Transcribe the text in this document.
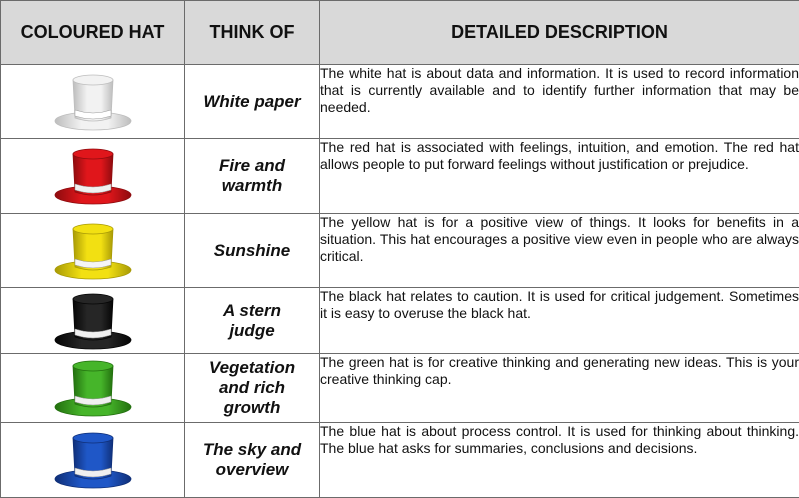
COLOURED HAT	THINK OF	DETAILED DESCRIPTION

White paper	The white hat is about data and information. It is used to record information that is currently available and to identify further information that may be needed.

Fire and
warmth	The red hat is associated with feelings, intuition, and emotion. The red hat allows people to put forward feelings without justification or prejudice.

Sunshine	The yellow hat is for a positive view of things. It looks for benefits in a situation. This hat encourages a positive view even in people who are always critical.

A stern
judge	The black hat relates to caution. It is used for critical judgement. Sometimes it is easy to overuse the black hat.

Vegetation
and rich
growth	The green hat is for creative thinking and generating new ideas. This is your creative thinking cap.

The sky and
overview	The blue hat is about process control. It is used for thinking about thinking. The blue hat asks for summaries, conclusions and decisions.
